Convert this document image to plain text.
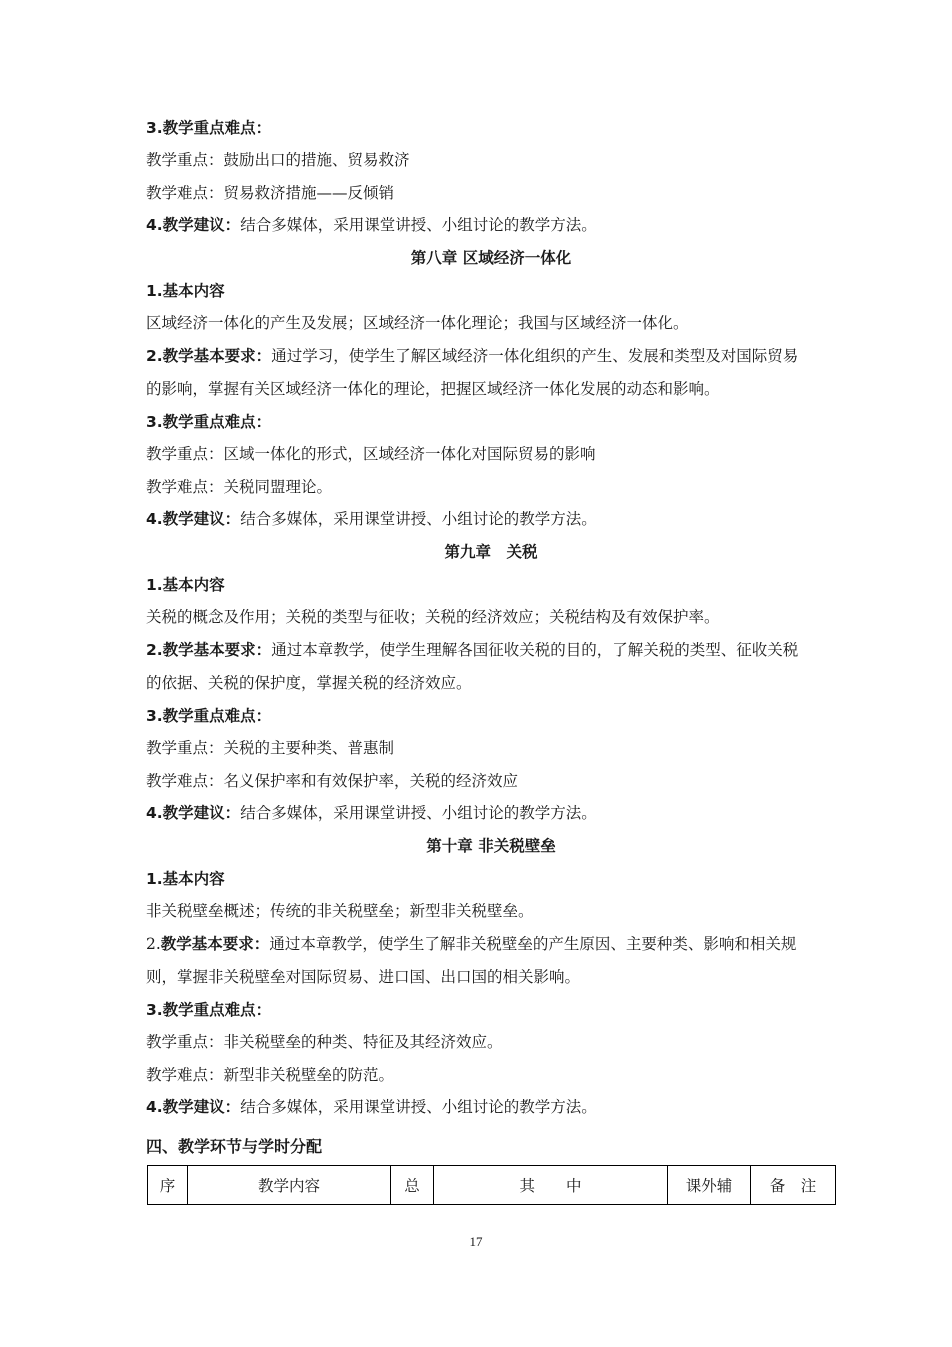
3.教学重点难点：
教学重点：鼓励出口的措施、贸易救济
教学难点：贸易救济措施——反倾销
4.教学建议：结合多媒体，采用课堂讲授、小组讨论的教学方法。
第八章 区域经济一体化
1.基本内容
区域经济一体化的产生及发展；区域经济一体化理论；我国与区域经济一体化。
2.教学基本要求：通过学习，使学生了解区域经济一体化组织的产生、发展和类型及对国际贸易
的影响，掌握有关区域经济一体化的理论，把握区域经济一体化发展的动态和影响。
3.教学重点难点：
教学重点：区域一体化的形式，区域经济一体化对国际贸易的影响
教学难点：关税同盟理论。
4.教学建议：结合多媒体，采用课堂讲授、小组讨论的教学方法。
第九章　关税
1.基本内容
关税的概念及作用；关税的类型与征收；关税的经济效应；关税结构及有效保护率。
2.教学基本要求：通过本章教学，使学生理解各国征收关税的目的，了解关税的类型、征收关税
的依据、关税的保护度，掌握关税的经济效应。
3.教学重点难点：
教学重点：关税的主要种类、普惠制
教学难点：名义保护率和有效保护率，关税的经济效应
4.教学建议：结合多媒体，采用课堂讲授、小组讨论的教学方法。
第十章 非关税壁垒
1.基本内容
非关税壁垒概述；传统的非关税壁垒；新型非关税壁垒。
2.教学基本要求：通过本章教学，使学生了解非关税壁垒的产生原因、主要种类、影响和相关规
则，掌握非关税壁垒对国际贸易、进口国、出口国的相关影响。
3.教学重点难点：
教学重点：非关税壁垒的种类、特征及其经济效应。
教学难点：新型非关税壁垒的防范。
4.教学建议：结合多媒体，采用课堂讲授、小组讨论的教学方法。
四、教学环节与学时分配
序	教学内容	总	其　　中	课外辅	备　注
17
